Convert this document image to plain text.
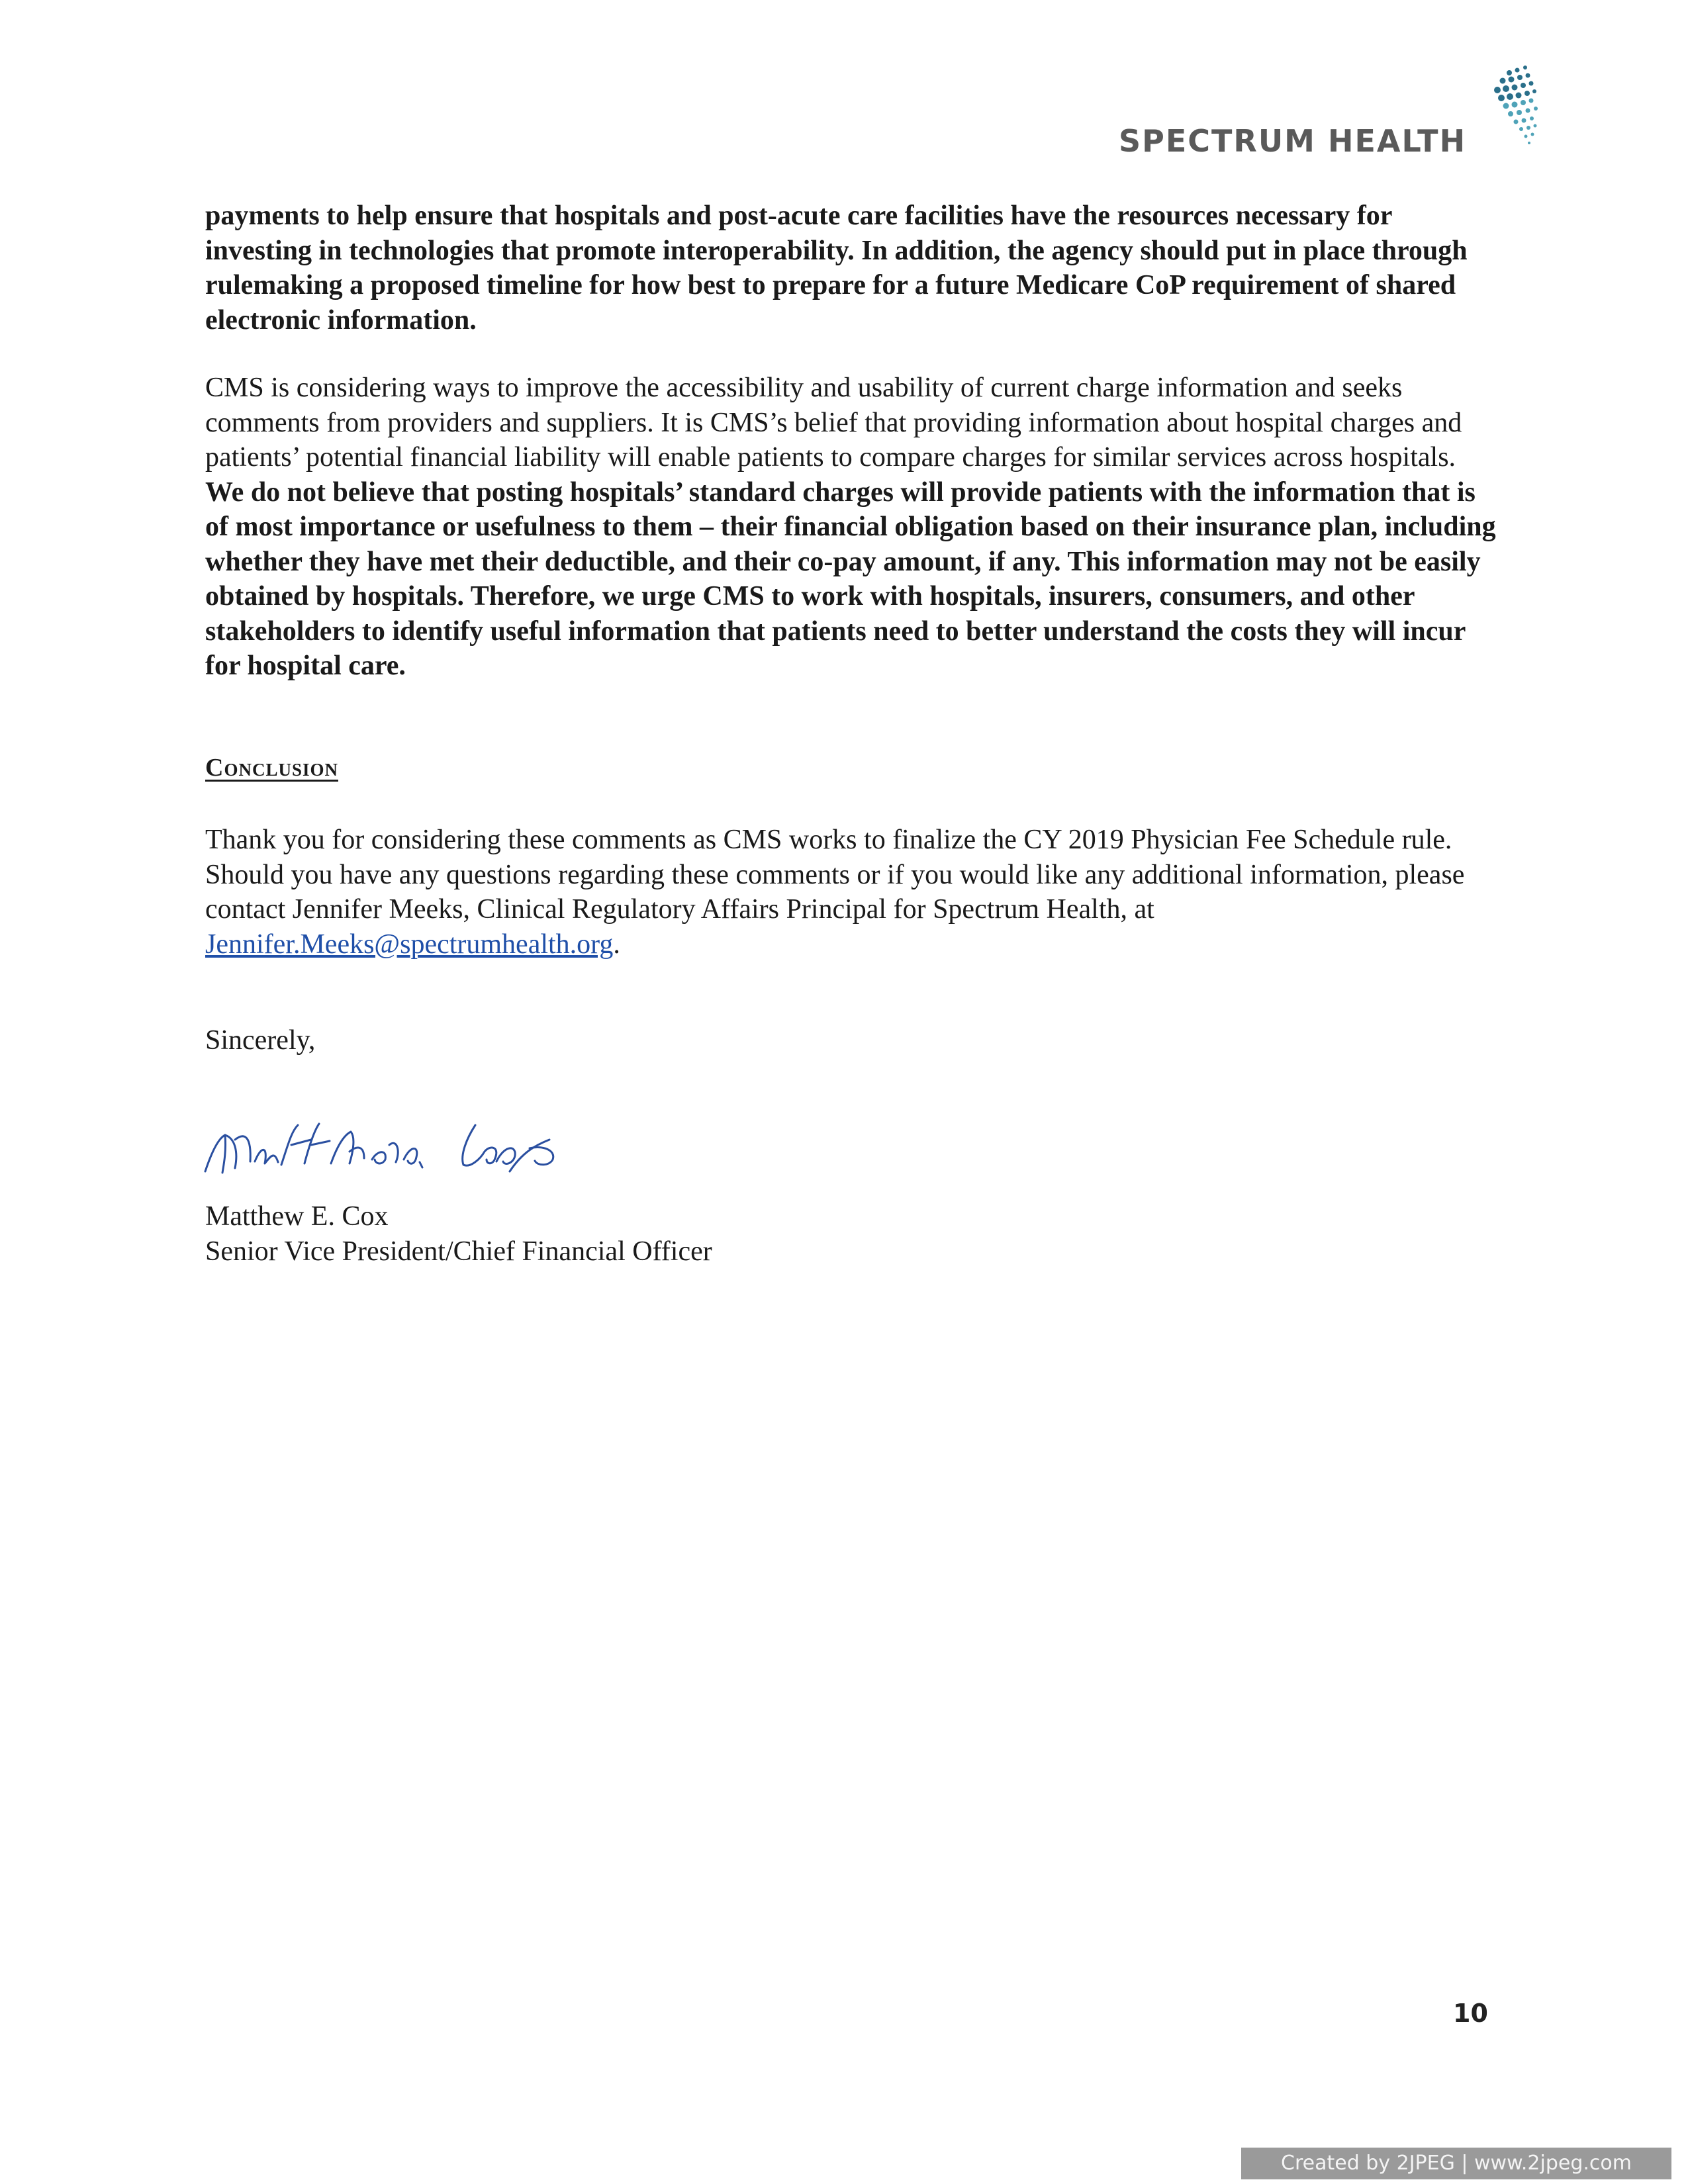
SPECTRUM HEALTH

payments to help ensure that hospitals and post-acute care facilities have the resources necessary for investing in technologies that promote interoperability. In addition, the agency should put in place through rulemaking a proposed timeline for how best to prepare for a future Medicare CoP requirement of shared electronic information.

CMS is considering ways to improve the accessibility and usability of current charge information and seeks comments from providers and suppliers. It is CMS’s belief that providing information about hospital charges and patients’ potential financial liability will enable patients to compare charges for similar services across hospitals. We do not believe that posting hospitals’ standard charges will provide patients with the information that is of most importance or usefulness to them – their financial obligation based on their insurance plan, including whether they have met their deductible, and their co-pay amount, if any. This information may not be easily obtained by hospitals. Therefore, we urge CMS to work with hospitals, insurers, consumers, and other stakeholders to identify useful information that patients need to better understand the costs they will incur for hospital care.

Conclusion

Thank you for considering these comments as CMS works to finalize the CY 2019 Physician Fee Schedule rule. Should you have any questions regarding these comments or if you would like any additional information, please contact Jennifer Meeks, Clinical Regulatory Affairs Principal for Spectrum Health, at Jennifer.Meeks@spectrumhealth.org.

Sincerely,
Matthew E. Cox
Senior Vice President/Chief Financial Officer
10
Created by 2JPEG | www.2jpeg.com
